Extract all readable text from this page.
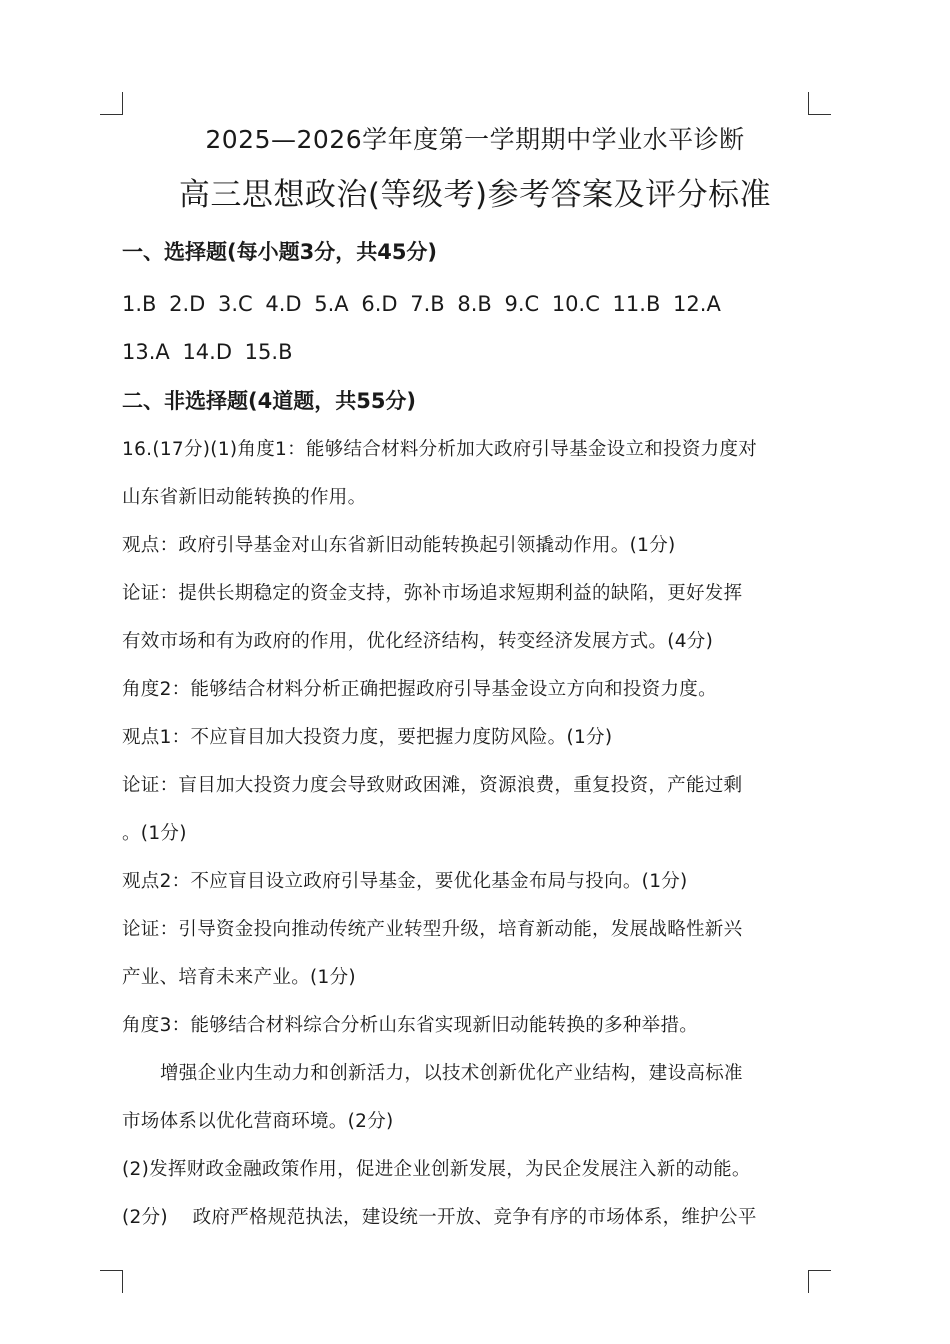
2025—2026学年度第一学期期中学业水平诊断
高三思想政治(等级考)参考答案及评分标准

一、选择题(每小题3分，共45分)

1.B 2.D 3.C 4.D 5.A 6.D 7.B 8.B 9.C 10.C 11.B 12.A

13.A 14.D 15.B

二、非选择题(4道题，共55分)

16.(17分)(1)角度1：能够结合材料分析加大政府引导基金设立和投资力度对

山东省新旧动能转换的作用。

观点：政府引导基金对山东省新旧动能转换起引领撬动作用。(1分)

论证：提供长期稳定的资金支持，弥补市场追求短期利益的缺陷，更好发挥

有效市场和有为政府的作用，优化经济结构，转变经济发展方式。(4分)

角度2：能够结合材料分析正确把握政府引导基金设立方向和投资力度。

观点1：不应盲目加大投资力度，要把握力度防风险。(1分)

论证：盲目加大投资力度会导致财政困滩，资源浪费，重复投资，产能过剩

。(1分)

观点2：不应盲目设立政府引导基金，要优化基金布局与投向。(1分)

论证：引导资金投向推动传统产业转型升级，培育新动能，发展战略性新兴

产业、培育未来产业。(1分)

角度3：能够结合材料综合分析山东省实现新旧动能转换的多种举措。

增强企业内生动力和创新活力，以技术创新优化产业结构，建设高标准

市场体系以优化营商环境。(2分)

(2)发挥财政金融政策作用，促进企业创新发展，为民企发展注入新的动能。

(2分)    政府严格规范执法，建设统一开放、竞争有序的市场体系，维护公平
